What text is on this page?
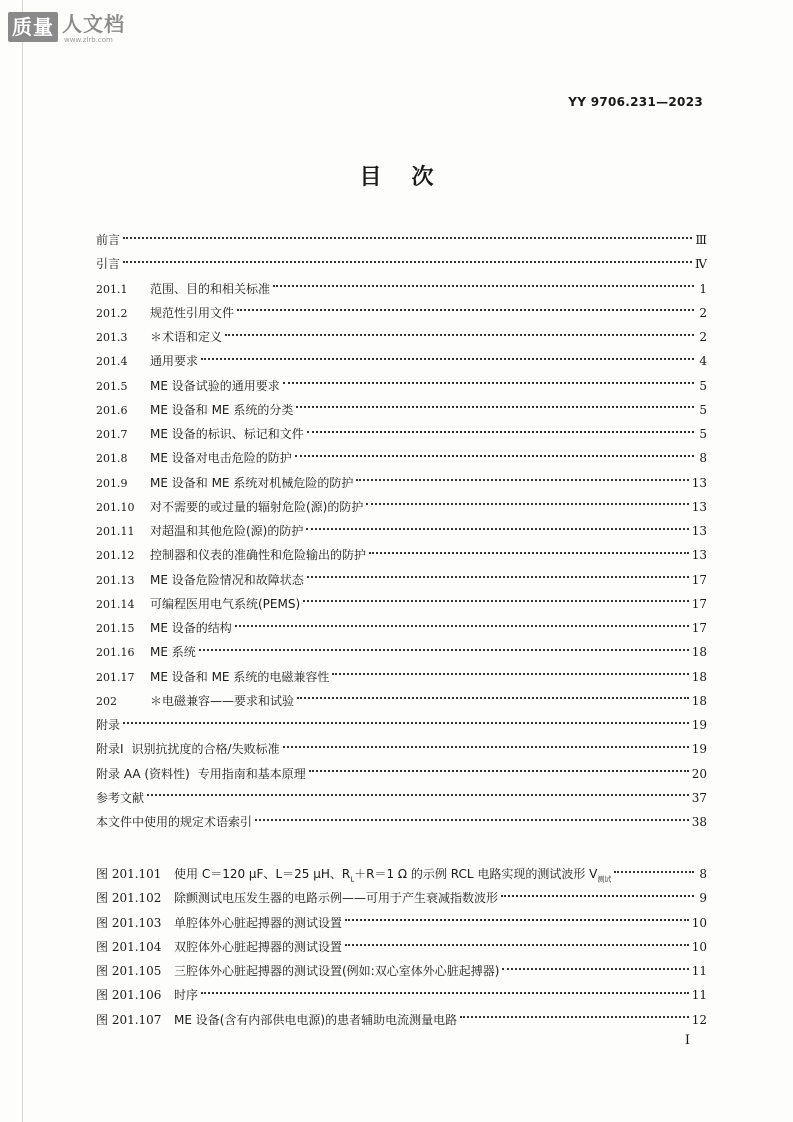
质量 人文档
www.zlrb.com
YY 9706.231—2023
目次
前言	Ⅲ
引言	Ⅳ
201.1	范围、目的和相关标准	1
201.2	规范性引用文件	2
201.3	＊术语和定义	2
201.4	通用要求	4
201.5	ME 设备试验的通用要求	5
201.6	ME 设备和 ME 系统的分类	5
201.7	ME 设备的标识、标记和文件	5
201.8	ME 设备对电击危险的防护	8
201.9	ME 设备和 ME 系统对机械危险的防护	13
201.10	对不需要的或过量的辐射危险(源)的防护	13
201.11	对超温和其他危险(源)的防护	13
201.12	控制器和仪表的准确性和危险输出的防护	13
201.13	ME 设备危险情况和故障状态	17
201.14	可编程医用电气系统(PEMS)	17
201.15	ME 设备的结构	17
201.16	ME 系统	18
201.17	ME 设备和 ME 系统的电磁兼容性	18
202	＊电磁兼容——要求和试验	18
附录	19
附录Ⅰ 识别抗扰度的合格/失败标准	19
附录 AA (资料性) 专用指南和基本原理	20
参考文献	37
本文件中使用的规定术语索引	38
图 201.101	使用 C＝120 μF、L＝25 μH、$R_L+R=1$ Ω 的示例 RCL 电路实现的测试波形 $V_{测试}$	8
图 201.102	除颤测试电压发生器的电路示例——可用于产生衰减指数波形	9
图 201.103	单腔体外心脏起搏器的测试设置	10
图 201.104	双腔体外心脏起搏器的测试设置	10
图 201.105	三腔体外心脏起搏器的测试设置(例如:双心室体外心脏起搏器)	11
图 201.106	时序	11
图 201.107	ME 设备(含有内部供电电源)的患者辅助电流测量电路	12
I
